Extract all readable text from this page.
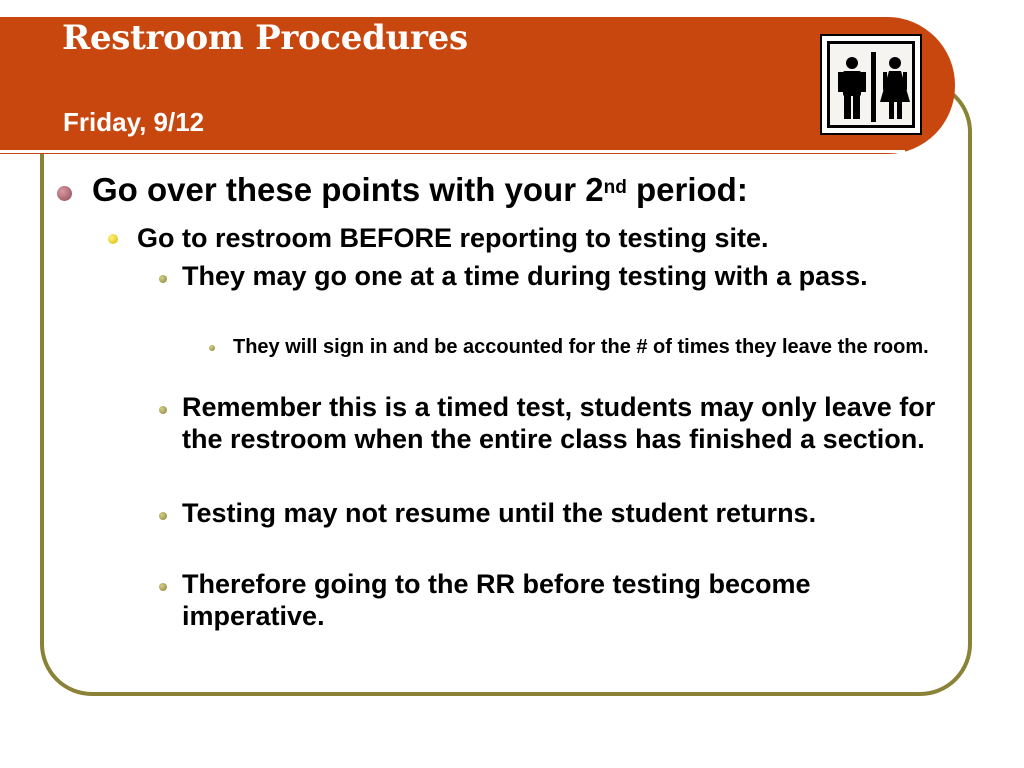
Restroom Procedures
Friday, 9/12
Go over these points with your 2nd period:
Go to restroom BEFORE reporting to testing site.
They may go one at a time during testing with a pass.
They will sign in and be accounted for the # of times they leave the room.
Remember this is a timed test, students may only leave for the restroom when the entire class has finished a section.
Testing may not resume until the student returns.
Therefore going to the RR before testing become imperative.
